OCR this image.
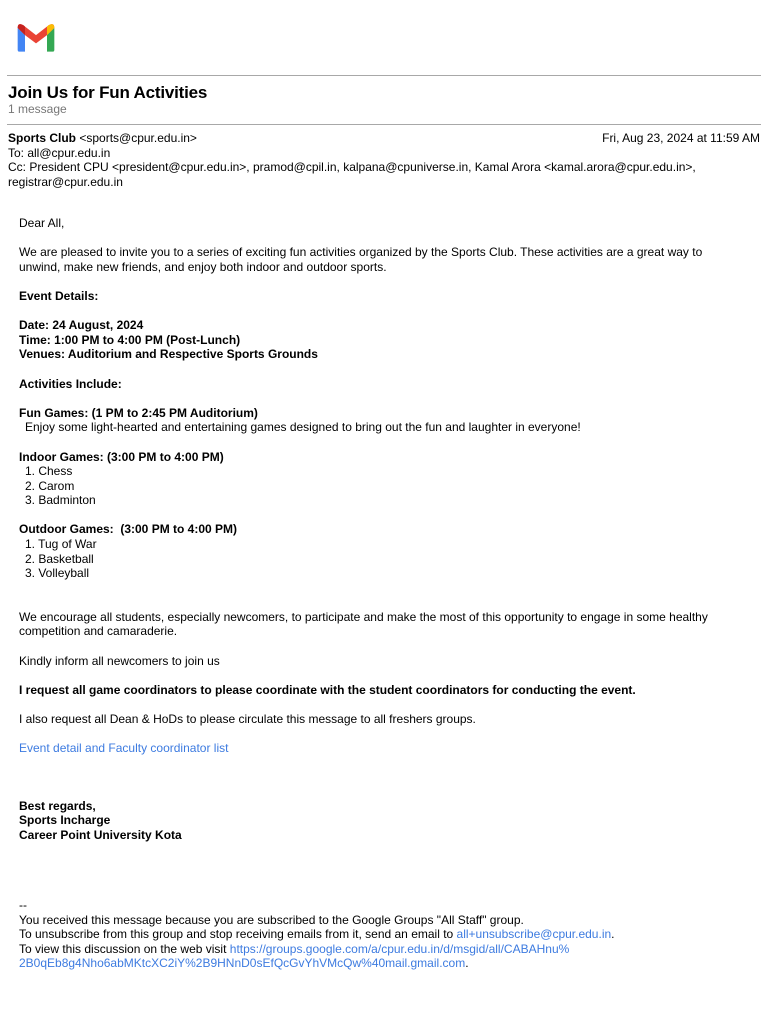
Join Us for Fun Activities
1 message
Sports Club <sports@cpur.edu.in>	Fri, Aug 23, 2024 at 11:59 AM
To: all@cpur.edu.in
Cc: President CPU <president@cpur.edu.in>, pramod@cpil.in, kalpana@cpuniverse.in, Kamal Arora <kamal.arora@cpur.edu.in>,
registrar@cpur.edu.in
Dear All,
We are pleased to invite you to a series of exciting fun activities organized by the Sports Club. These activities are a great way to
unwind, make new friends, and enjoy both indoor and outdoor sports.
Event Details:
Date: 24 August, 2024
Time: 1:00 PM to 4:00 PM (Post-Lunch)
Venues: Auditorium and Respective Sports Grounds
Activities Include:
Fun Games: (1 PM to 2:45 PM Auditorium)
Enjoy some light-hearted and entertaining games designed to bring out the fun and laughter in everyone!
Indoor Games: (3:00 PM to 4:00 PM)
1. Chess
2. Carom
3. Badminton
Outdoor Games:  (3:00 PM to 4:00 PM)
1. Tug of War
2. Basketball
3. Volleyball
We encourage all students, especially newcomers, to participate and make the most of this opportunity to engage in some healthy
competition and camaraderie.
Kindly inform all newcomers to join us
I request all game coordinators to please coordinate with the student coordinators for conducting the event.
I also request all Dean & HoDs to please circulate this message to all freshers groups.
Event detail and Faculty coordinator list
Best regards,
Sports Incharge
Career Point University Kota
--
You received this message because you are subscribed to the Google Groups "All Staff" group.
To unsubscribe from this group and stop receiving emails from it, send an email to all+unsubscribe@cpur.edu.in.
To view this discussion on the web visit https://groups.google.com/a/cpur.edu.in/d/msgid/all/CABAHnu%
2B0qEb8g4Nho6abMKtcXC2iY%2B9HNnD0sEfQcGvYhVMcQw%40mail.gmail.com.
